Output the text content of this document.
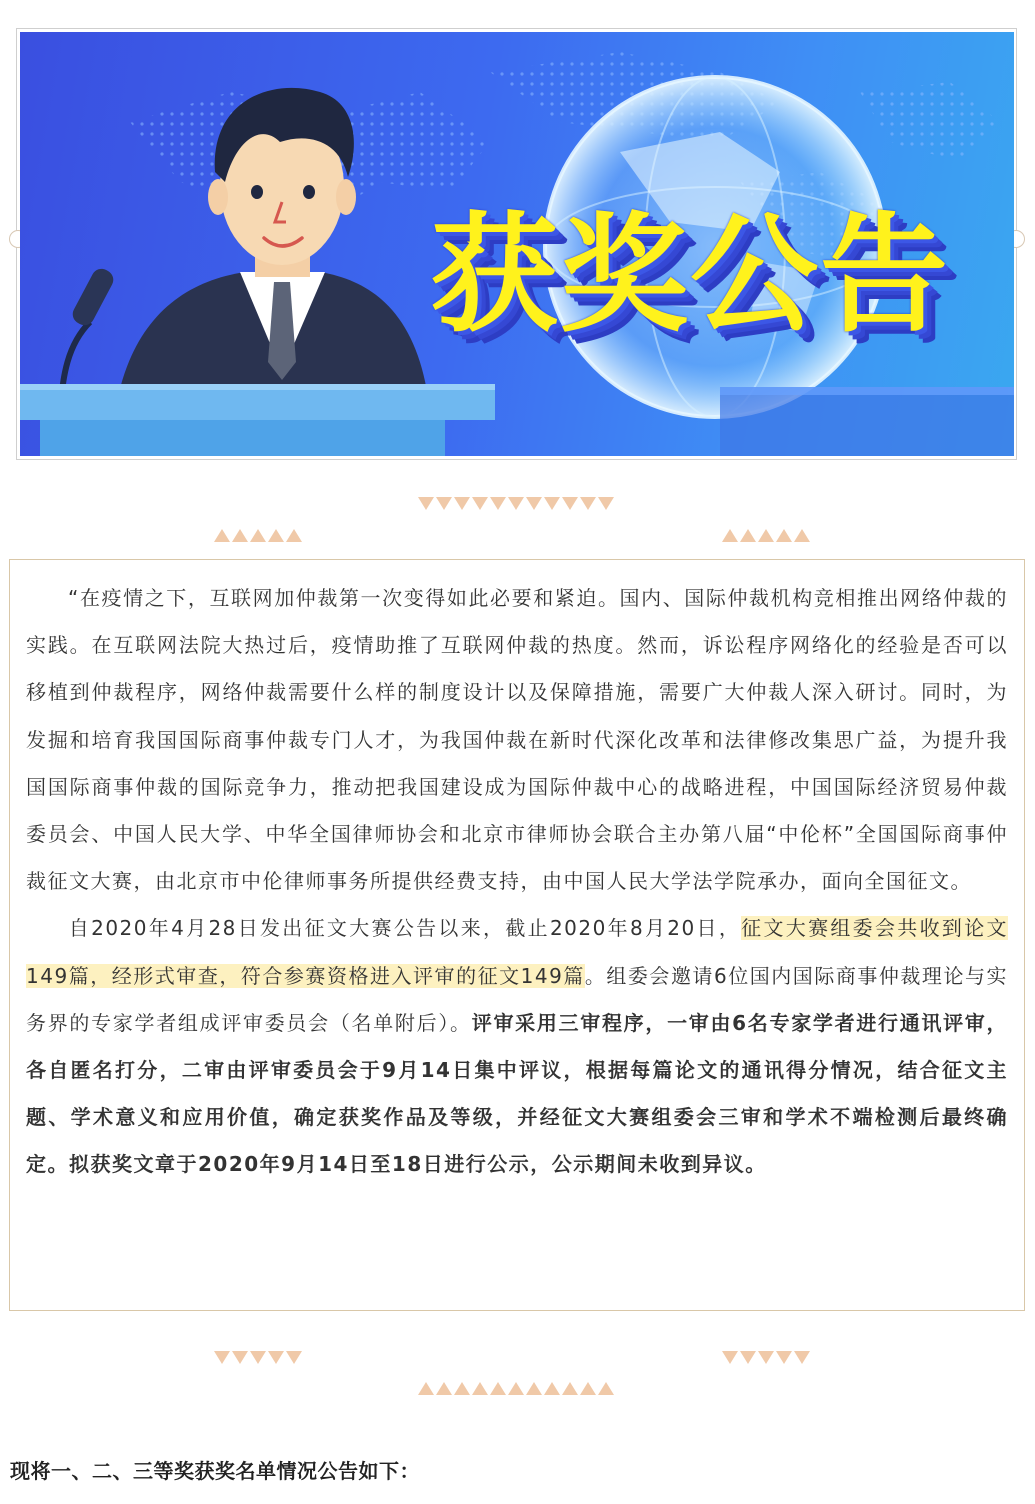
获奖公告

“在疫情之下，互联网加仲裁第一次变得如此必要和紧迫。国内、国际仲裁机构竞相推出网络仲裁的实践。在互联网法院大热过后，疫情助推了互联网仲裁的热度。然而，诉讼程序网络化的经验是否可以移植到仲裁程序，网络仲裁需要什么样的制度设计以及保障措施，需要广大仲裁人深入研讨。同时，为发掘和培育我国国际商事仲裁专门人才，为我国仲裁在新时代深化改革和法律修改集思广益，为提升我国国际商事仲裁的国际竞争力，推动把我国建设成为国际仲裁中心的战略进程，中国国际经济贸易仲裁委员会、中国人民大学、中华全国律师协会和北京市律师协会联合主办第八届“中伦杯”全国国际商事仲裁征文大赛，由北京市中伦律师事务所提供经费支持，由中国人民大学法学院承办，面向全国征文。

自2020年4月28日发出征文大赛公告以来，截止2020年8月20日，征文大赛组委会共收到论文149篇，经形式审查，符合参赛资格进入评审的征文149篇。组委会邀请6位国内国际商事仲裁理论与实务界的专家学者组成评审委员会（名单附后）。评审采用三审程序，一审由6名专家学者进行通讯评审，各自匿名打分，二审由评审委员会于9月14日集中评议，根据每篇论文的通讯得分情况，结合征文主题、学术意义和应用价值，确定获奖作品及等级，并经征文大赛组委会三审和学术不端检测后最终确定。拟获奖文章于2020年9月14日至18日进行公示，公示期间未收到异议。

现将一、二、三等奖获奖名单情况公告如下：
